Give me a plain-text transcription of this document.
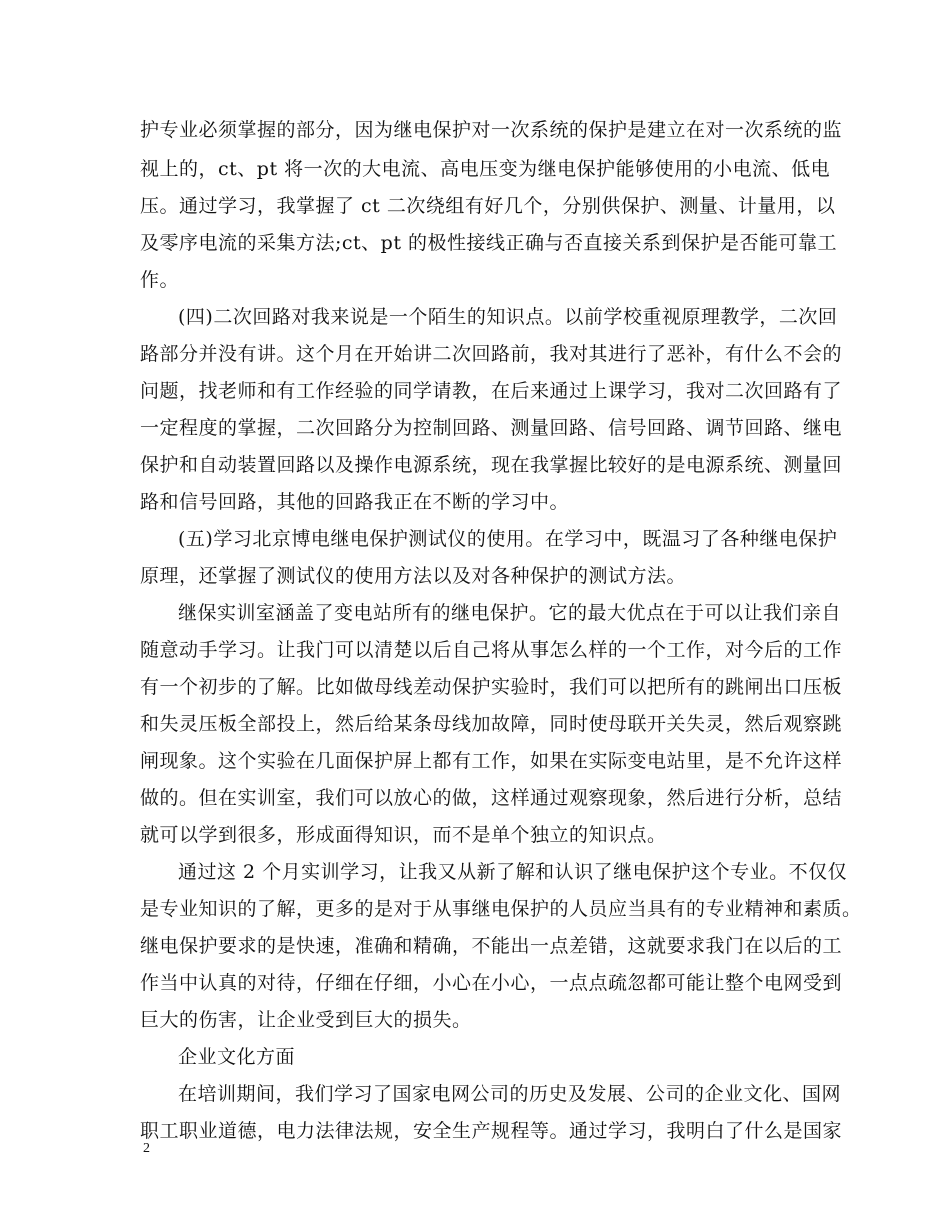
护专业必须掌握的部分，因为继电保护对一次系统的保护是建立在对一次系统的监
视上的，ct、pt 将一次的大电流、高电压变为继电保护能够使用的小电流、低电
压。通过学习，我掌握了 ct 二次绕组有好几个，分别供保护、测量、计量用，以
及零序电流的采集方法;ct、pt 的极性接线正确与否直接关系到保护是否能可靠工
作。
(四)二次回路对我来说是一个陌生的知识点。以前学校重视原理教学，二次回
路部分并没有讲。这个月在开始讲二次回路前，我对其进行了恶补，有什么不会的
问题，找老师和有工作经验的同学请教，在后来通过上课学习，我对二次回路有了
一定程度的掌握，二次回路分为控制回路、测量回路、信号回路、调节回路、继电
保护和自动装置回路以及操作电源系统，现在我掌握比较好的是电源系统、测量回
路和信号回路，其他的回路我正在不断的学习中。
(五)学习北京博电继电保护测试仪的使用。在学习中，既温习了各种继电保护
原理，还掌握了测试仪的使用方法以及对各种保护的测试方法。
继保实训室涵盖了变电站所有的继电保护。它的最大优点在于可以让我们亲自
随意动手学习。让我门可以清楚以后自己将从事怎么样的一个工作，对今后的工作
有一个初步的了解。比如做母线差动保护实验时，我们可以把所有的跳闸出口压板
和失灵压板全部投上，然后给某条母线加故障，同时使母联开关失灵，然后观察跳
闸现象。这个实验在几面保护屏上都有工作，如果在实际变电站里，是不允许这样
做的。但在实训室，我们可以放心的做，这样通过观察现象，然后进行分析，总结
就可以学到很多，形成面得知识，而不是单个独立的知识点。
通过这 2 个月实训学习，让我又从新了解和认识了继电保护这个专业。不仅仅
是专业知识的了解，更多的是对于从事继电保护的人员应当具有的专业精神和素质。
继电保护要求的是快速，准确和精确，不能出一点差错，这就要求我门在以后的工
作当中认真的对待，仔细在仔细，小心在小心，一点点疏忽都可能让整个电网受到
巨大的伤害，让企业受到巨大的损失。
企业文化方面
在培训期间，我们学习了国家电网公司的历史及发展、公司的企业文化、国网
职工职业道德，电力法律法规，安全生产规程等。通过学习，我明白了什么是国家
2
